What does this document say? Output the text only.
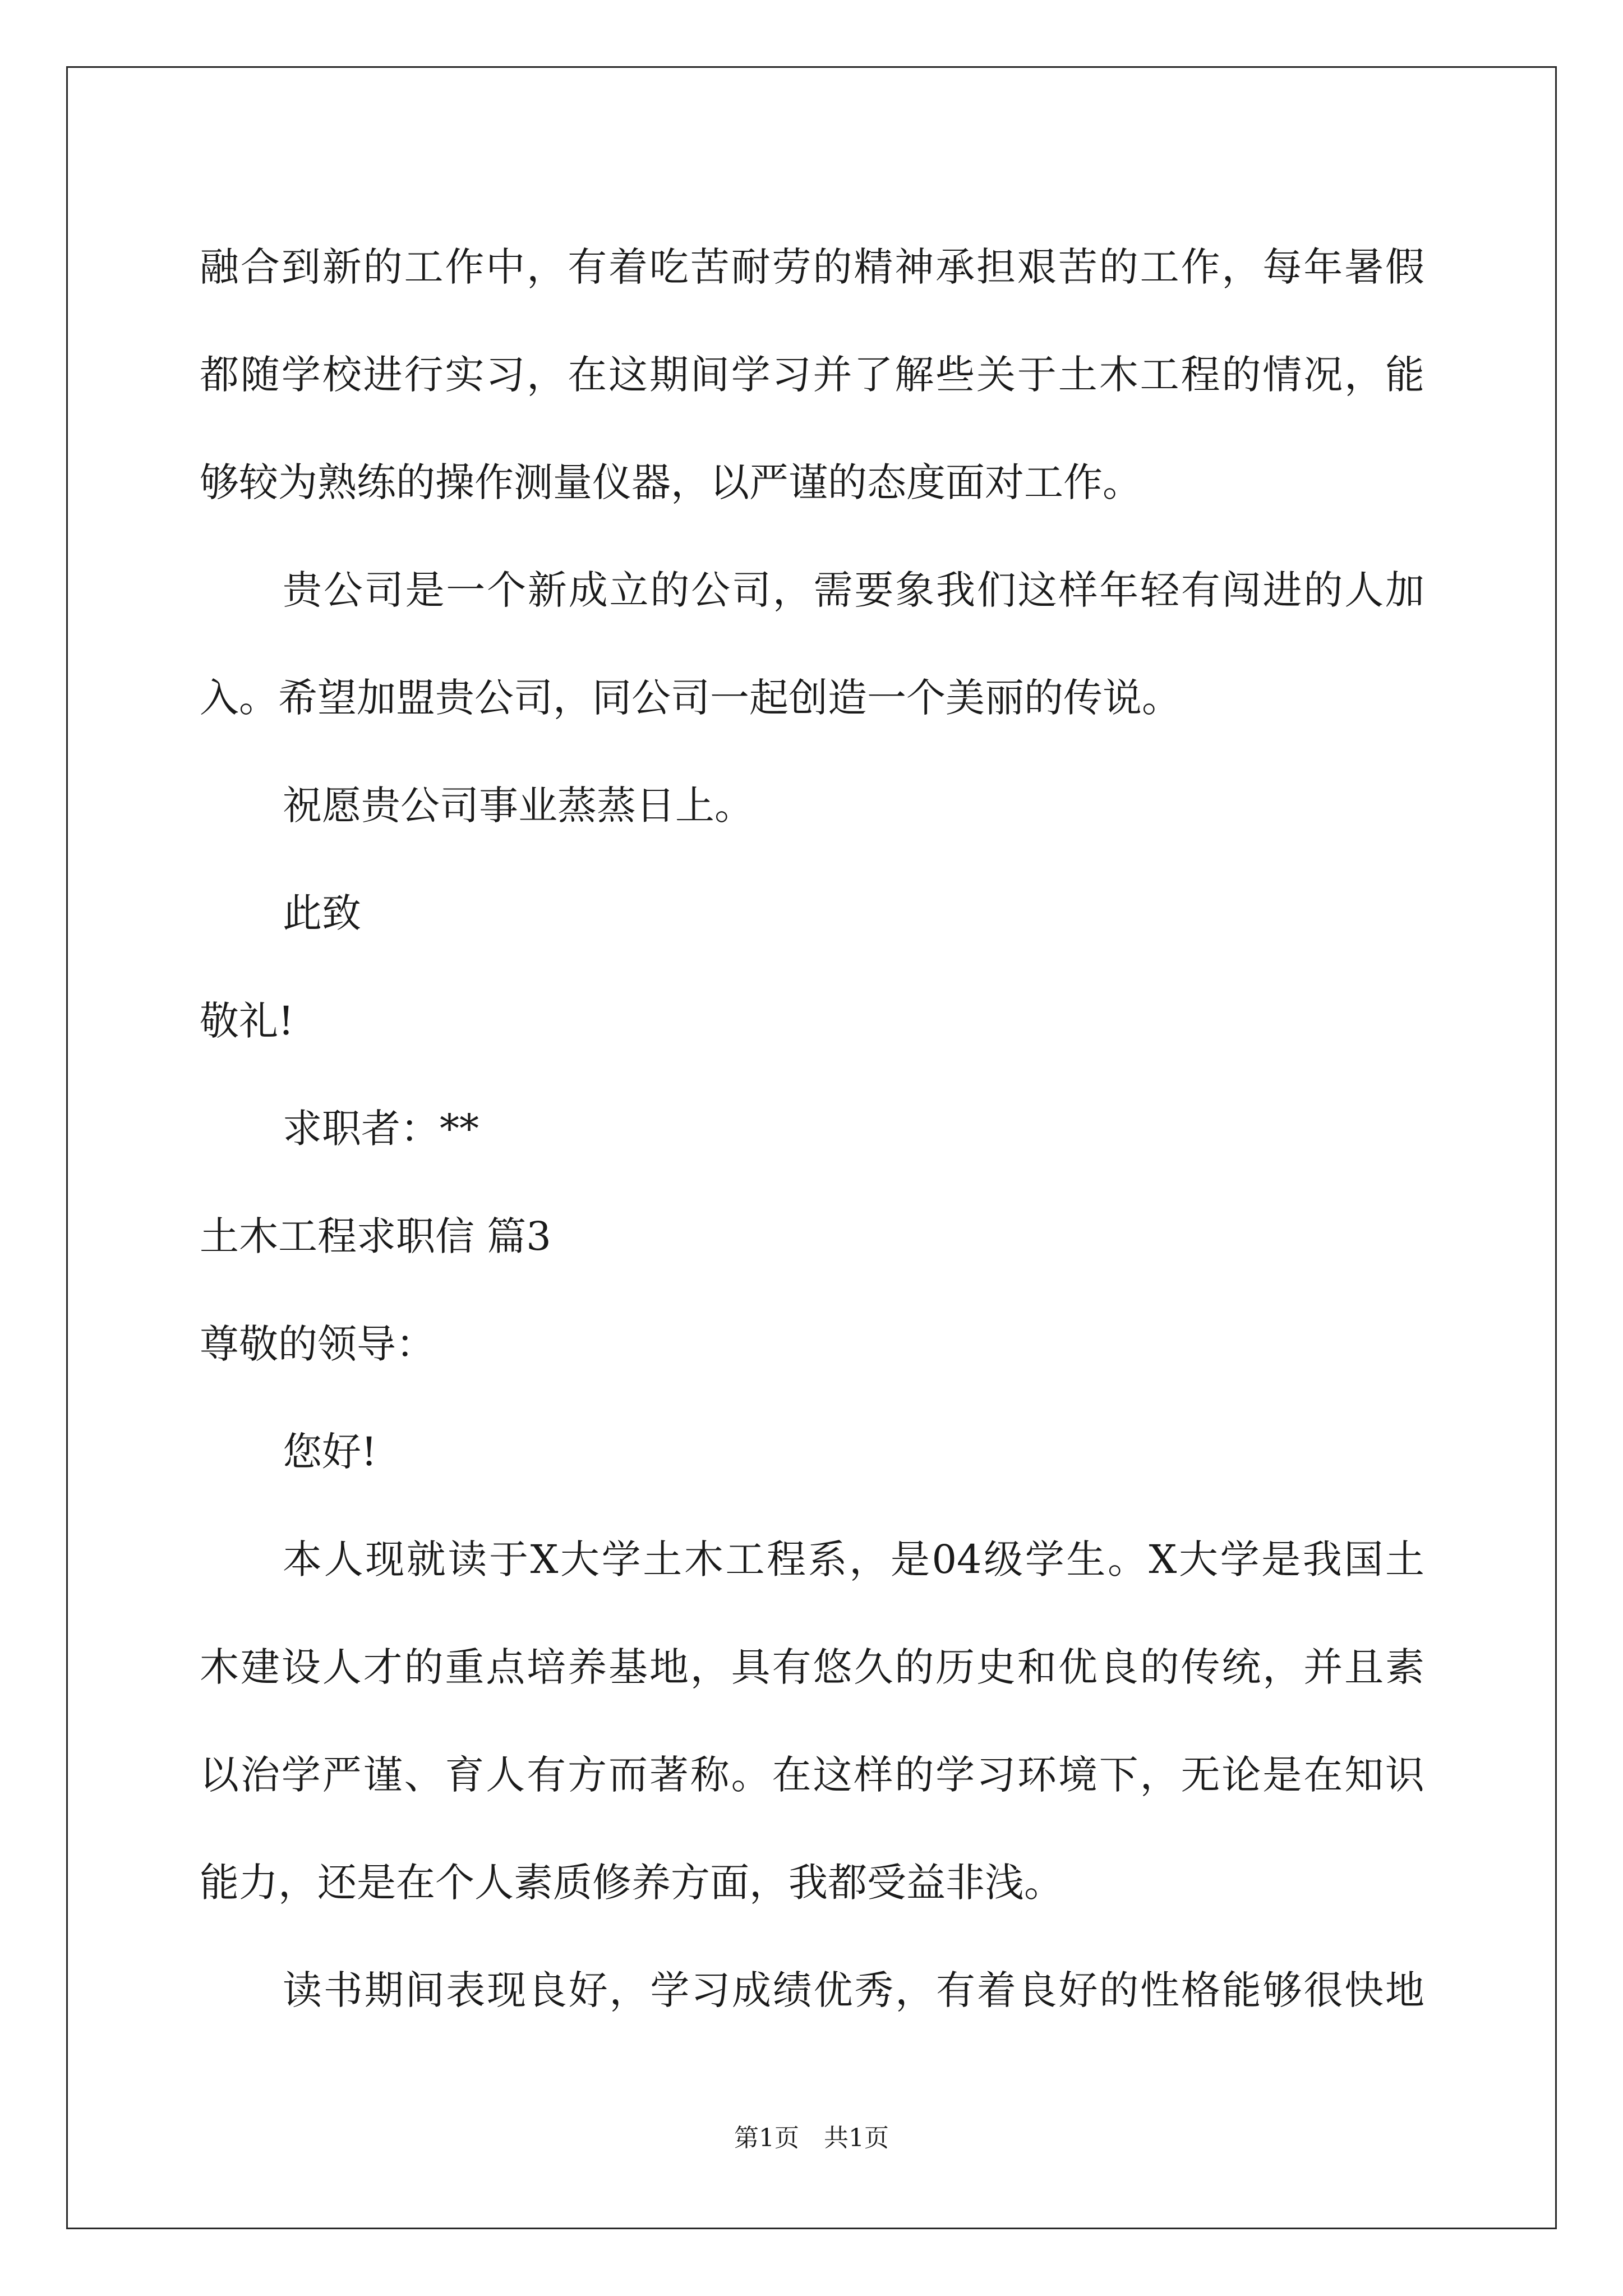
融合到新的工作中，有着吃苦耐劳的精神承担艰苦的工作，每年暑假
都随学校进行实习，在这期间学习并了解些关于土木工程的情况，能
够较为熟练的操作测量仪器，以严谨的态度面对工作。
贵公司是一个新成立的公司，需要象我们这样年轻有闯进的人加
入。希望加盟贵公司，同公司一起创造一个美丽的传说。
祝愿贵公司事业蒸蒸日上。
此致
敬礼!
求职者：**
土木工程求职信 篇3
尊敬的领导：
您好!
本人现就读于X大学土木工程系，是04级学生。X大学是我国土
木建设人才的重点培养基地，具有悠久的历史和优良的传统，并且素
以治学严谨、育人有方而著称。在这样的学习环境下，无论是在知识
能力，还是在个人素质修养方面，我都受益非浅。
读书期间表现良好，学习成绩优秀，有着良好的性格能够很快地
第1页 共1页
